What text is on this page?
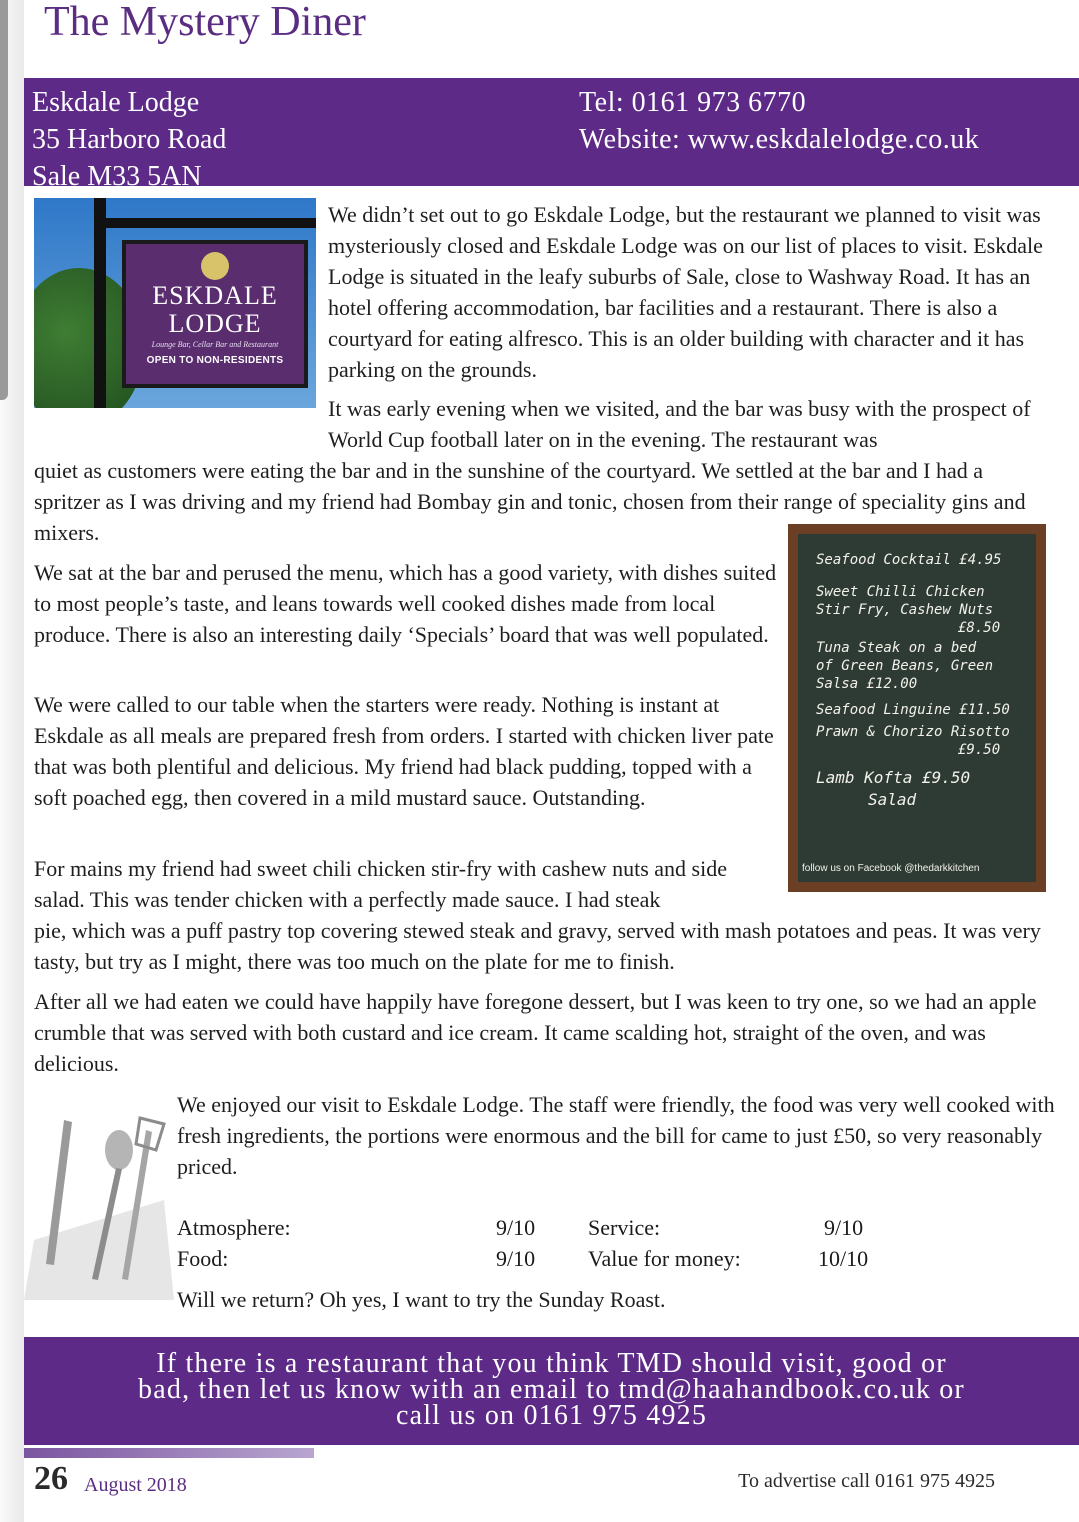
The Mystery Diner
Eskdale Lodge
35 Harboro Road
Sale M33 5AN
Tel: 0161 973 6770
Website: www.eskdalelodge.co.uk
ESKDALE
LODGE
Lounge Bar, Cellar Bar and Restaurant
OPEN TO NON-RESIDENTS
We didn’t set out to go Eskdale Lodge, but the restaurant we planned to visit was mysteriously closed and Eskdale Lodge was on our list of places to visit. Eskdale Lodge is situated in the leafy suburbs of Sale, close to Washway Road. It has an hotel offering accommodation, bar facilities and a restaurant. There is also a courtyard for eating alfresco. This is an older building with character and it has parking on the grounds.
It was early evening when we visited, and the bar was busy with the prospect of World Cup football later on in the evening. The restaurant was
quiet as customers were eating the bar and in the sunshine of the courtyard. We settled at the bar and I had a spritzer as I was driving and my friend had Bombay gin and tonic, chosen from their range of speciality gins and mixers.
We sat at the bar and perused the menu, which has a good variety, with dishes suited to most people’s taste, and leans towards well cooked dishes made from local produce. There is also an interesting daily ‘Specials’ board that was well populated.
We were called to our table when the starters were ready. Nothing is instant at Eskdale as all meals are prepared fresh from orders. I started with chicken liver pate that was both plentiful and delicious. My friend had black pudding, topped with a soft poached egg, then covered in a mild mustard sauce. Outstanding.
For mains my friend had sweet chili chicken stir-fry with cashew nuts and side salad. This was tender chicken with a perfectly made sauce. I had steak
pie, which was a puff pastry top covering stewed steak and gravy, served with mash potatoes and peas. It was very tasty, but try as I might, there was too much on the plate for me to finish.
After all we had eaten we could have happily have foregone dessert, but I was keen to try one, so we had an apple crumble that was served with both custard and ice cream. It came scalding hot, straight of the oven, and was delicious.
We enjoyed our visit to Eskdale Lodge. The staff were friendly, the food was very well cooked with fresh ingredients, the portions were enormous and the bill for came to just £50, so very reasonably priced.
Seafood Cocktail £4.95
Sweet Chilli Chicken
Stir Fry, Cashew Nuts
£8.50
Tuna Steak on a bed
of Green Beans, Green
Salsa £12.00
Seafood Linguine £11.50
Prawn & Chorizo Risotto
£9.50
Lamb Kofta £9.50
Salad
follow us on Facebook @thedarkkitchen
Atmosphere:	9/10
Food:	9/10
Service:	9/10
Value for money:	10/10
Will we return? Oh yes, I want to try the Sunday Roast.

If there is a restaurant that you think TMD should visit, good or

bad, then let us know with an email to tmd@haahandbook.co.uk or

call us on 0161 975 4925

26 August 2018	To advertise call 0161 975 4925
